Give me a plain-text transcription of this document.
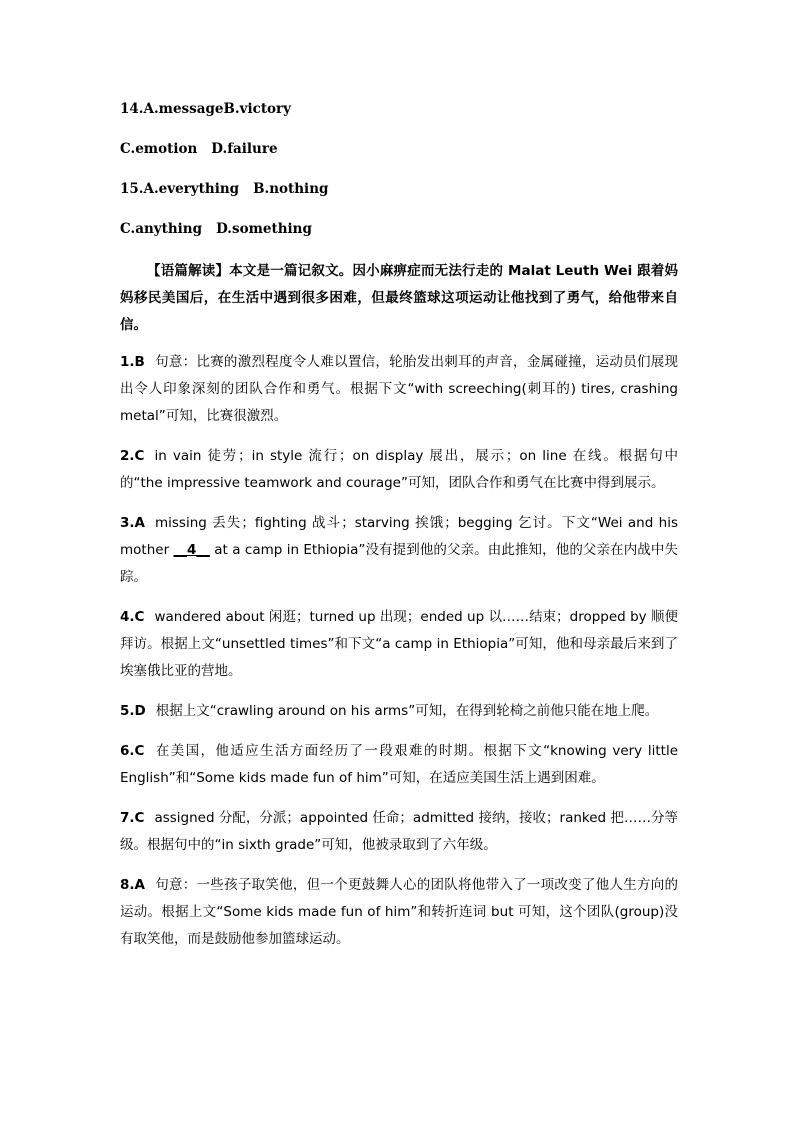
14.A.messageB.victory
C.emotion D.failure
15.A.everything B.nothing
C.anything D.something

【语篇解读】本文是一篇记叙文。因小麻痹症而无法行走的 Malat Leuth Wei 跟着妈妈移民美国后，在生活中遇到很多困难，但最终篮球这项运动让他找到了勇气，给他带来自信。

1.B 句意：比赛的激烈程度令人难以置信，轮胎发出刺耳的声音，金属碰撞，运动员们展现出令人印象深刻的团队合作和勇气。根据下文“with screeching(刺耳的) tires, crashing metal”可知，比赛很激烈。

2.C in vain 徒劳；in style 流行；on display 展出，展示；on line 在线。根据句中的“the impressive teamwork and courage”可知，团队合作和勇气在比赛中得到展示。

3.A missing 丢失；fighting 战斗；starving 挨饿；begging 乞讨。下文“Wei and his mother __4__ at a camp in Ethiopia”没有提到他的父亲。由此推知，他的父亲在内战中失踪。

4.C wandered about 闲逛；turned up 出现；ended up 以……结束；dropped by 顺便拜访。根据上文“unsettled times”和下文“a camp in Ethiopia”可知，他和母亲最后来到了埃塞俄比亚的营地。

5.D 根据上文“crawling around on his arms”可知，在得到轮椅之前他只能在地上爬。

6.C 在美国，他适应生活方面经历了一段艰难的时期。根据下文“knowing very little English”和“Some kids made fun of him”可知，在适应美国生活上遇到困难。

7.C assigned 分配，分派；appointed 任命；admitted 接纳，接收；ranked 把……分等级。根据句中的“in sixth grade”可知，他被录取到了六年级。

8.A 句意：一些孩子取笑他，但一个更鼓舞人心的团队将他带入了一项改变了他人生方向的运动。根据上文“Some kids made fun of him”和转折连词 but 可知，这个团队(group)没有取笑他，而是鼓励他参加篮球运动。
